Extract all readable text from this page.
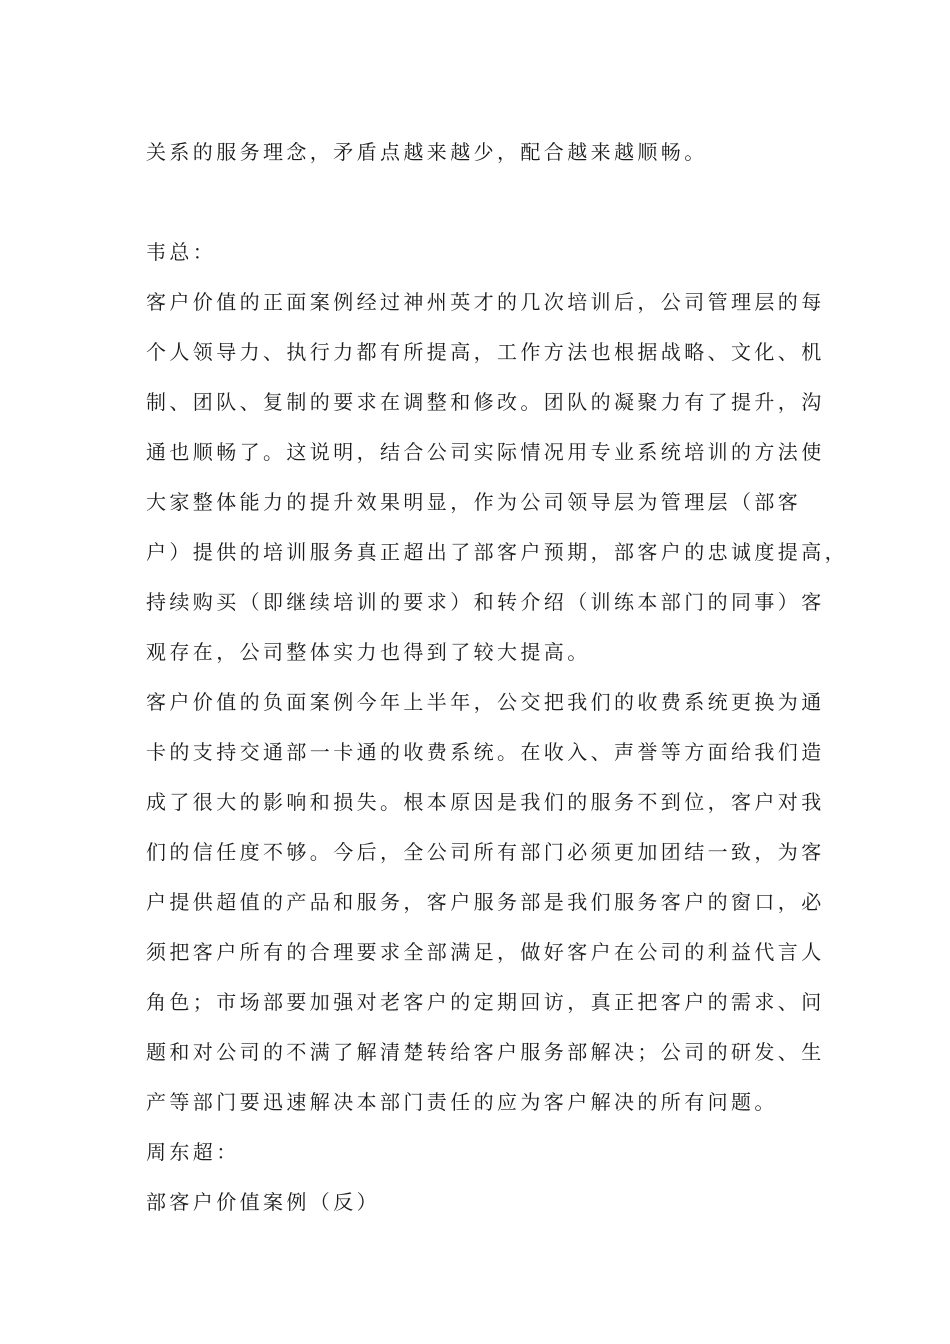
关系的服务理念，矛盾点越来越少，配合越来越顺畅。

韦总：

客户价值的正面案例经过神州英才的几次培训后，公司管理层的每

个人领导力、执行力都有所提高，工作方法也根据战略、文化、机

制、团队、复制的要求在调整和修改。团队的凝聚力有了提升，沟

通也顺畅了。这说明，结合公司实际情况用专业系统培训的方法使

大家整体能力的提升效果明显，作为公司领导层为管理层（部客

户）提供的培训服务真正超出了部客户预期，部客户的忠诚度提高，

持续购买（即继续培训的要求）和转介绍（训练本部门的同事）客

观存在，公司整体实力也得到了较大提高。

客户价值的负面案例今年上半年，公交把我们的收费系统更换为通

卡的支持交通部一卡通的收费系统。在收入、声誉等方面给我们造

成了很大的影响和损失。根本原因是我们的服务不到位，客户对我

们的信任度不够。今后，全公司所有部门必须更加团结一致，为客

户提供超值的产品和服务，客户服务部是我们服务客户的窗口，必

须把客户所有的合理要求全部满足，做好客户在公司的利益代言人

角色；市场部要加强对老客户的定期回访，真正把客户的需求、问

题和对公司的不满了解清楚转给客户服务部解决；公司的研发、生

产等部门要迅速解决本部门责任的应为客户解决的所有问题。

周东超：

部客户价值案例（反）
